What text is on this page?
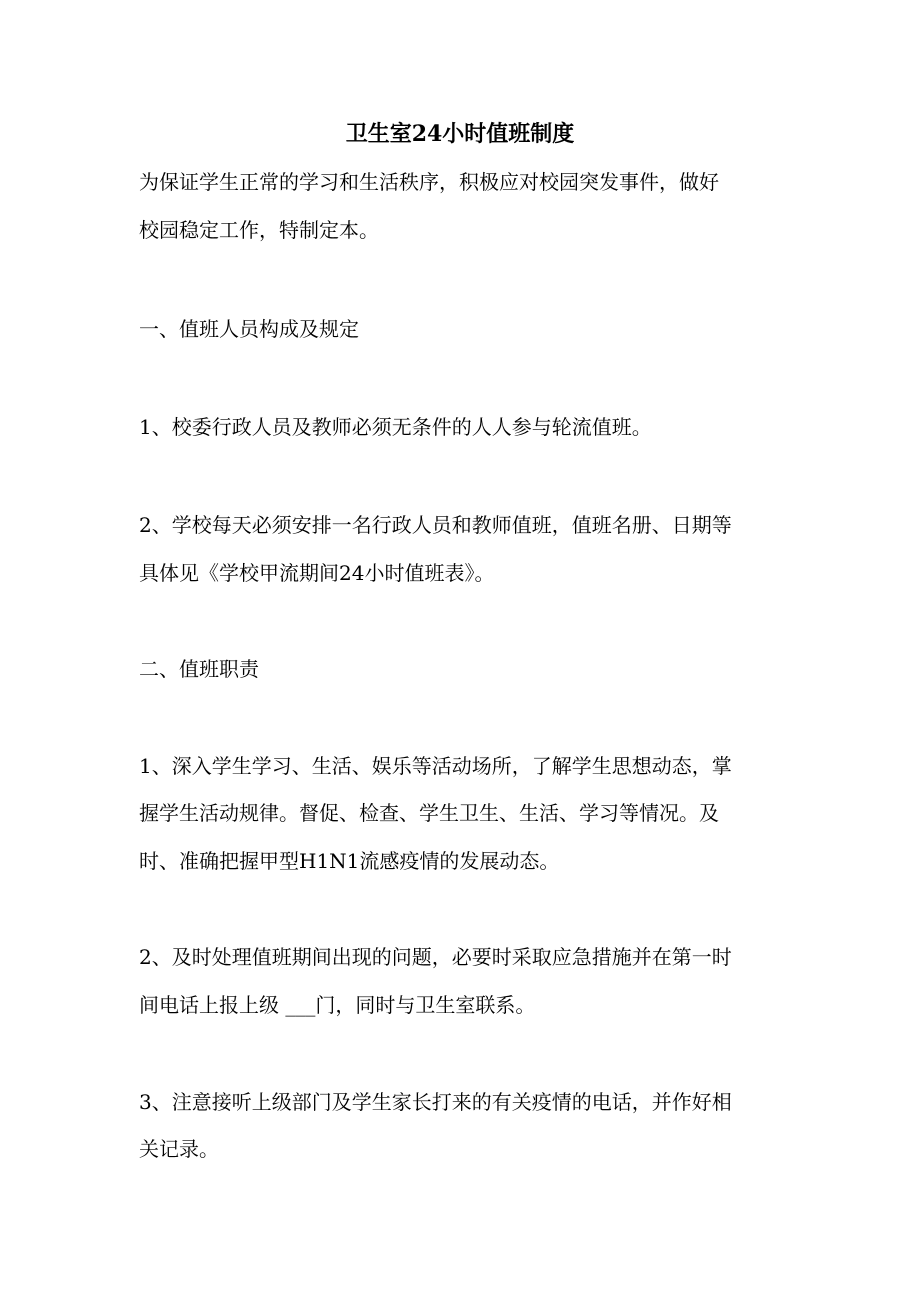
卫生室24小时值班制度
为保证学生正常的学习和生活秩序，积极应对校园突发事件，做好
校园稳定工作，特制定本。
一、值班人员构成及规定
1、校委行政人员及教师必须无条件的人人参与轮流值班。
2、学校每天必须安排一名行政人员和教师值班，值班名册、日期等
具体见《学校甲流期间24小时值班表》。
二、值班职责
1、深入学生学习、生活、娱乐等活动场所，了解学生思想动态，掌
握学生活动规律。督促、检查、学生卫生、生活、学习等情况。及
时、准确把握甲型H1N1流感疫情的发展动态。
2、及时处理值班期间出现的问题，必要时采取应急措施并在第一时
间电话上报上级 ___门，同时与卫生室联系。
3、注意接听上级部门及学生家长打来的有关疫情的电话，并作好相
关记录。
